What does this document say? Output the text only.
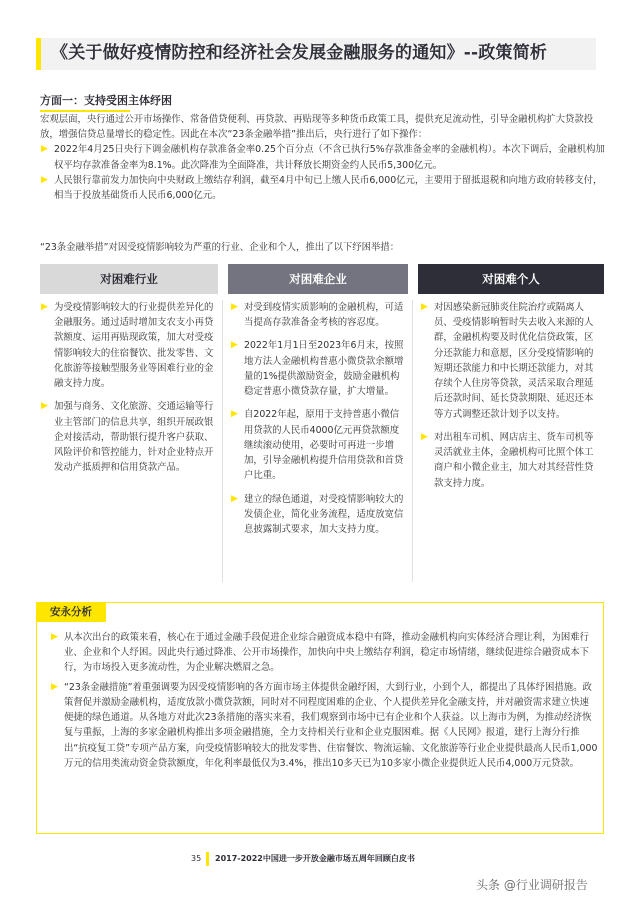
《关于做好疫情防控和经济社会发展金融服务的通知》--政策简析
方面一：支持受困主体纾困

宏观层面，央行通过公开市场操作、常备借贷便利、再贷款、再贴现等多种货币政策工具，提供充足流动性，引导金融机构扩大贷款投放，增强信贷总量增长的稳定性。因此在本次“23条金融举措”推出后，央行进行了如下操作：

▶ 2022年4月25日央行下调金融机构存款准备金率0.25个百分点（不含已执行5%存款准备金率的金融机构）。本次下调后，金融机构加权平均存款准备金率为8.1%。此次降准为全面降准，共计释放长期资金约人民币5,300亿元。
▶ 人民银行靠前发力加快向中央财政上缴结存利润，截至4月中旬已上缴人民币6,000亿元，主要用于留抵退税和向地方政府转移支付，相当于投放基础货币人民币6,000亿元。

“23条金融举措”对因受疫情影响较为严重的行业、企业和个人，推出了以下纾困举措：

对困难行业	对困难企业	对困难个人
▶ 为受疫情影响较大的行业提供差异化的金融服务。通过适时增加支农支小再贷款额度、运用再贴现政策，加大对受疫情影响较大的住宿餐饮、批发零售、文化旅游等接触型服务业等困难行业的金融支持力度。
▶ 加强与商务、文化旅游、交通运输等行业主管部门的信息共享，组织开展政银企对接活动，帮助银行提升客户获取、风险评价和管控能力，针对企业特点开发动产抵质押和信用贷款产品。
▶ 对受到疫情实质影响的金融机构，可适当提高存款准备金考核的容忍度。
▶ 2022年1月1日至2023年6月末，按照地方法人金融机构普惠小微贷款余额增量的1%提供激励资金，鼓励金融机构稳定普惠小微贷款存量，扩大增量。
▶ 自2022年起，原用于支持普惠小微信用贷款的人民币4000亿元再贷款额度继续滚动使用，必要时可再进一步增加，引导金融机构提升信用贷款和首贷户比重。
▶ 建立的绿色通道，对受疫情影响较大的发债企业，简化业务流程，适度放宽信息披露制式要求，加大支持力度。
▶ 对因感染新冠肺炎住院治疗或隔离人员、受疫情影响暂时失去收入来源的人群，金融机构要及时优化信贷政策，区分还款能力和意愿，区分受疫情影响的短期还款能力和中长期还款能力，对其存续个人住房等贷款，灵活采取合理延后还款时间、延长贷款期限、延迟还本等方式调整还款计划予以支持。
▶ 对出租车司机、网店店主、货车司机等灵活就业主体，金融机构可比照个体工商户和小微企业主，加大对其经营性贷款支持力度。
安永分析
▶ 从本次出台的政策来看，核心在于通过金融手段促进企业综合融资成本稳中有降，推动金融机构向实体经济合理让利，为困难行业、企业和个人纾困。因此央行通过降准、公开市场操作，加快向中央上缴结存利润，稳定市场情绪，继续促进综合融资成本下行，为市场投入更多流动性，为企业解决燃眉之急。
▶ “23条金融措施”着重强调要为因受疫情影响的各方面市场主体提供金融纾困，大到行业，小到个人，都提出了具体纾困措施。政策督促并激励金融机构，适度放款小微贷款额，同时对不同程度困难的企业、个人提供差异化金融支持，并对融资需求建立快速便捷的绿色通道。从各地方对此次23条措施的落实来看，我们观察到市场中已有企业和个人获益。以上海市为例，为推动经济恢复与重振，上海的多家金融机构推出多项金融措施，全力支持相关行业和企业克服困难。据《人民网》报道，建行上海分行推出“抗疫复工贷”专项产品方案，向受疫情影响较大的批发零售、住宿餐饮、物流运输、文化旅游等行业企业提供最高人民币1,000万元的信用类流动资金贷款额度，年化利率最低仅为3.4%，推出10多天已为10多家小微企业提供近人民币4,000万元贷款。
35 2017-2022中国进一步开放金融市场五周年回顾白皮书
头条 @行业调研报告
